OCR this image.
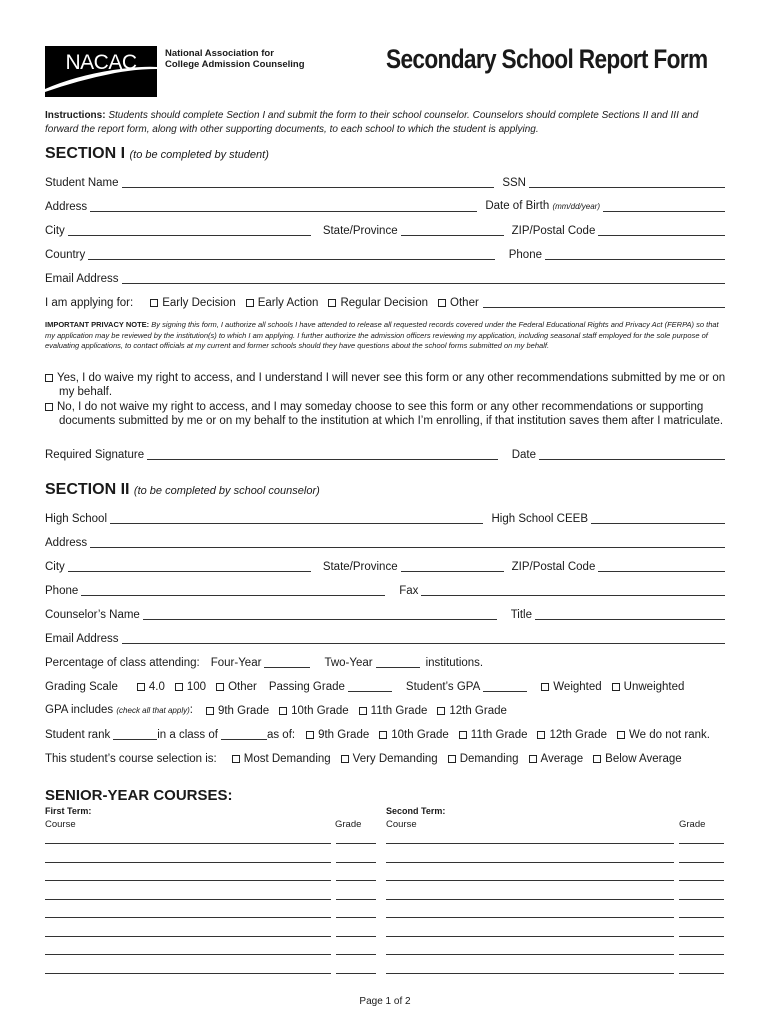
NACAC	National Association for
College Admission Counseling	Secondary School Report Form
Instructions: Students should complete Section I and submit the form to their school counselor. Counselors should complete Sections II and III and forward the report form, along with other supporting documents, to each school to which the student is applying.
SECTION I (to be completed by student)
Student Name	SSN
Address	Date of Birth (mm/dd/year)
City	State/Province	ZIP/Postal Code
Country	Phone
Email Address
I am applying for:	Early Decision Early Action Regular Decision Other
IMPORTANT PRIVACY NOTE: By signing this form, I authorize all schools I have attended to release all requested records covered under the Federal Educational Rights and Privacy Act (FERPA) so that my application may be reviewed by the institution(s) to which I am applying. I further authorize the admission officers reviewing my application, including seasonal staff employed for the sole purpose of evaluating applications, to contact officials at my current and former schools should they have questions about the school forms submitted on my behalf.
Yes, I do waive my right to access, and I understand I will never see this form or any other recommendations submitted by me or on
my behalf.
No, I do not waive my right to access, and I may someday choose to see this form or any other recommendations or supporting
documents submitted by me or on my behalf to the institution at which I’m enrolling, if that institution saves them after I matriculate.
Required Signature	Date
SECTION II (to be completed by school counselor)
High School	High School CEEB
Address
City	State/Province	ZIP/Postal Code
Phone	Fax
Counselor’s Name	Title
Email Address
Percentage of class attending: Four-Year	Two-Year	institutions.
Grading Scale	4.0 100 Other Passing Grade	Student’s GPA	Weighted Unweighted
GPA includes (check all that apply): 9th Grade 10th Grade 11th Grade 12th Grade
Student rank	in a class of	as of: 9th Grade 10th Grade 11th Grade 12th Grade We do not rank.
This student’s course selection is: Most Demanding Very Demanding Demanding Average Below Average
SENIOR-YEAR COURSES:
First Term:	Second Term:
Course	Grade	Course	Grade
Page 1 of 2
